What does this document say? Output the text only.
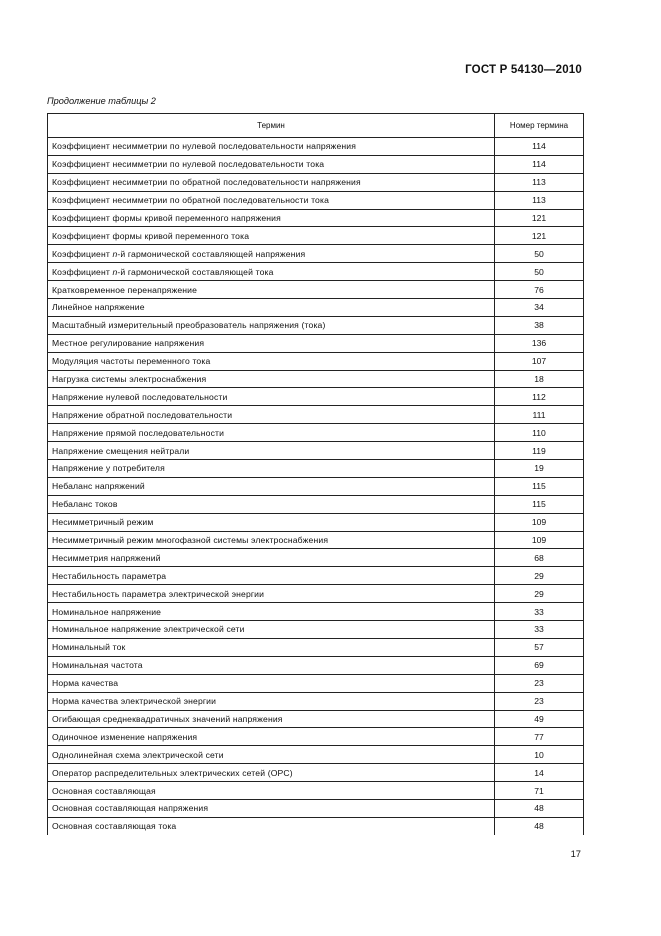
ГОСТ Р 54130—2010
Продолжение таблицы 2
Термин	Номер термина
Коэффициент несимметрии по нулевой последовательности напряжения	114
Коэффициент несимметрии по нулевой последовательности тока	114
Коэффициент несимметрии по обратной последовательности напряжения	113
Коэффициент несимметрии по обратной последовательности тока	113
Коэффициент формы кривой переменного напряжения	121
Коэффициент формы кривой переменного тока	121
Коэффициент n-й гармонической составляющей напряжения	50
Коэффициент n-й гармонической составляющей тока	50
Кратковременное перенапряжение	76
Линейное напряжение	34
Масштабный измерительный преобразователь напряжения (тока)	38
Местное регулирование напряжения	136
Модуляция частоты переменного тока	107
Нагрузка системы электроснабжения	18
Напряжение нулевой последовательности	112
Напряжение обратной последовательности	111
Напряжение прямой последовательности	110
Напряжение смещения нейтрали	119
Напряжение у потребителя	19
Небаланс напряжений	115
Небаланс токов	115
Несимметричный режим	109
Несимметричный режим многофазной системы электроснабжения	109
Несимметрия напряжений	68
Нестабильность параметра	29
Нестабильность параметра электрической энергии	29
Номинальное напряжение	33
Номинальное напряжение электрической сети	33
Номинальный ток	57
Номинальная частота	69
Норма качества	23
Норма качества электрической энергии	23
Огибающая среднеквадратичных значений напряжения	49
Одиночное изменение напряжения	77
Однолинейная схема электрической сети	10
Оператор распределительных электрических сетей (ОРС)	14
Основная составляющая	71
Основная составляющая напряжения	48
Основная составляющая тока	48
17
